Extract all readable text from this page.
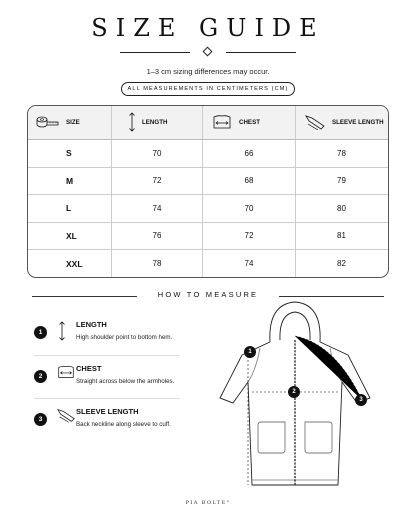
SIZE GUIDE
1–3 cm sizing differences may occur.
ALL MEASUREMENTS IN CENTIMETERS (CM)
SIZE	LENGTH	CHEST	SLEEVE LENGTH
S	70	66	78
M	72	68	79
L	74	70	80
XL	76	72	81
XXL	78	74	82
HOW TO MEASURE
1
LENGTH
High shoulder point to bottom hem.
2
CHEST
Straight across below the armholes.
3
SLEEVE LENGTH
Back neckline along sleeve to cuff.
1
2
3
PIA BOLTE°
